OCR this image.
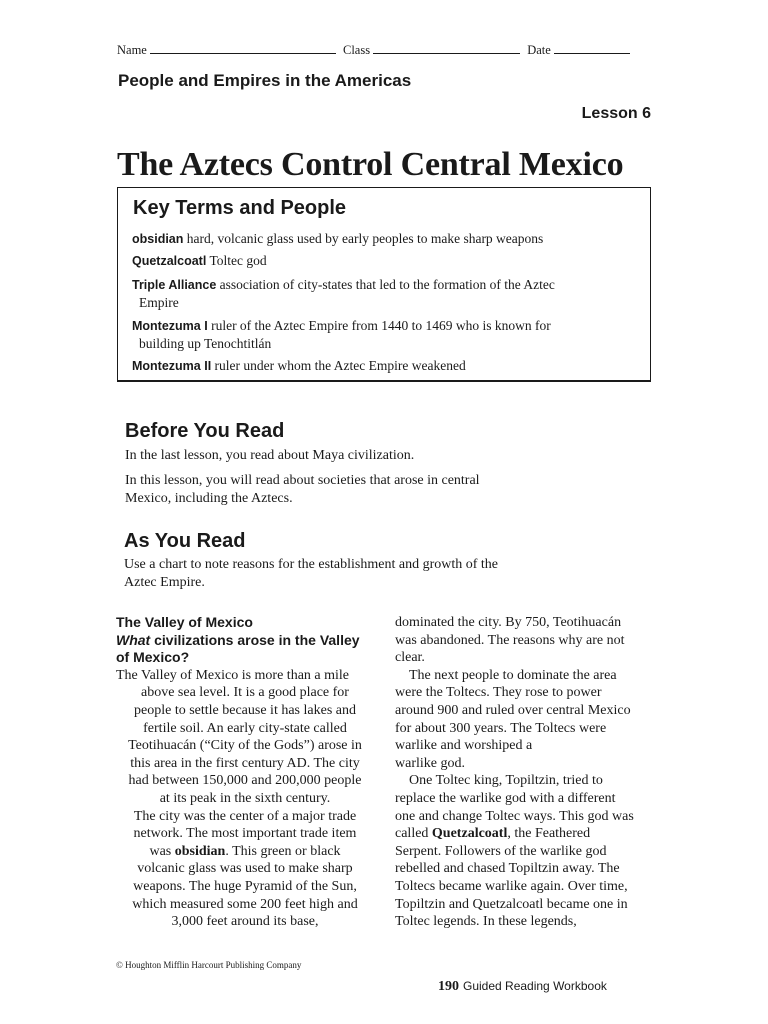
Name	Class	Date
People and Empires in the Americas
Lesson 6
The Aztecs Control Central Mexico
Key Terms and People
obsidian hard, volcanic glass used by early peoples to make sharp weapons
Quetzalcoatl Toltec god
Triple Alliance association of city-states that led to the formation of the Aztec
Empire
Montezuma I ruler of the Aztec Empire from 1440 to 1469 who is known for
building up Tenochtitlán
Montezuma II ruler under whom the Aztec Empire weakened
Before You Read
In the last lesson, you read about Maya civilization.
In this lesson, you will read about societies that arose in central
Mexico, including the Aztecs.
As You Read
Use a chart to note reasons for the establishment and growth of the
Aztec Empire.
The Valley of Mexico
What civilizations arose in the Valley
of Mexico?
The Valley of Mexico is more than a mile
above sea level. It is a good place for
people to settle because it has lakes and
fertile soil. An early city-state called
Teotihuacán (“City of the Gods”) arose in
this area in the first century AD. The city
had between 150,000 and 200,000 people
at its peak in the sixth century.
The city was the center of a major trade
network. The most important trade item
was obsidian. This green or black
volcanic glass was used to make sharp
weapons. The huge Pyramid of the Sun,
which measured some 200 feet high and
3,000 feet around its base,
dominated the city. By 750, Teotihuacán
was abandoned. The reasons why are not
clear.
The next people to dominate the area
were the Toltecs. They rose to power
around 900 and ruled over central Mexico
for about 300 years. The Toltecs were
warlike and worshiped a
warlike god.
One Toltec king, Topiltzin, tried to
replace the warlike god with a different
one and change Toltec ways. This god was
called Quetzalcoatl, the Feathered
Serpent. Followers of the warlike god
rebelled and chased Topiltzin away. The
Toltecs became warlike again. Over time,
Topiltzin and Quetzalcoatl became one in
Toltec legends. In these legends,
© Houghton Mifflin Harcourt Publishing Company
190 Guided Reading Workbook
